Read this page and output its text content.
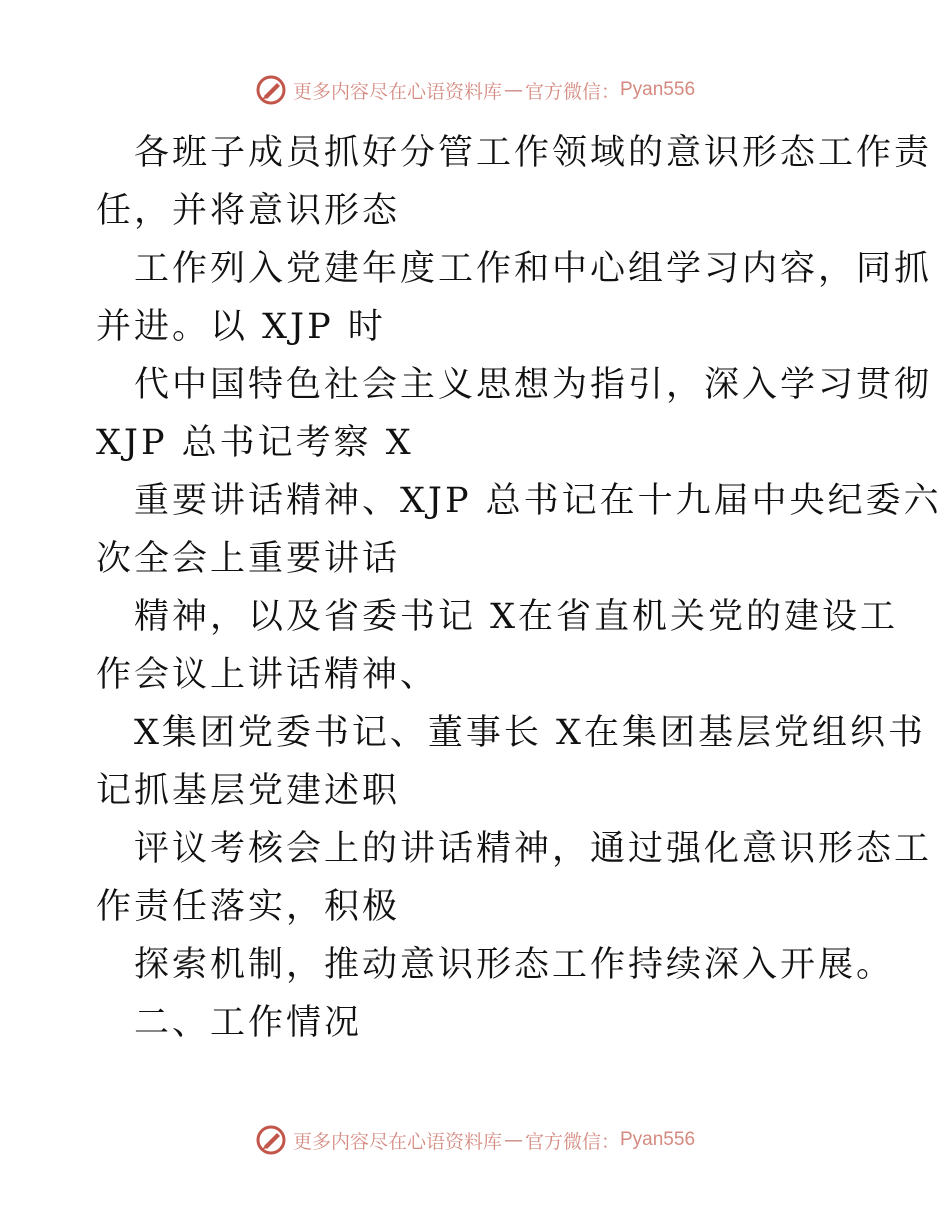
更多内容尽在心语资料库 — 官方微信： Pyan556
各班子成员抓好分管工作领域的意识形态工作责
任，并将意识形态
工作列入党建年度工作和中心组学习内容，同抓
并进。以 XJP 时
代中国特色社会主义思想为指引，深入学习贯彻
XJP 总书记考察 X
重要讲话精神、XJP 总书记在十九届中央纪委六
次全会上重要讲话
精神，以及省委书记 X在省直机关党的建设工
作会议上讲话精神、
X集团党委书记、董事长 X在集团基层党组织书
记抓基层党建述职
评议考核会上的讲话精神，通过强化意识形态工
作责任落实，积极
探索机制，推动意识形态工作持续深入开展。
二、工作情况
更多内容尽在心语资料库 — 官方微信： Pyan556
